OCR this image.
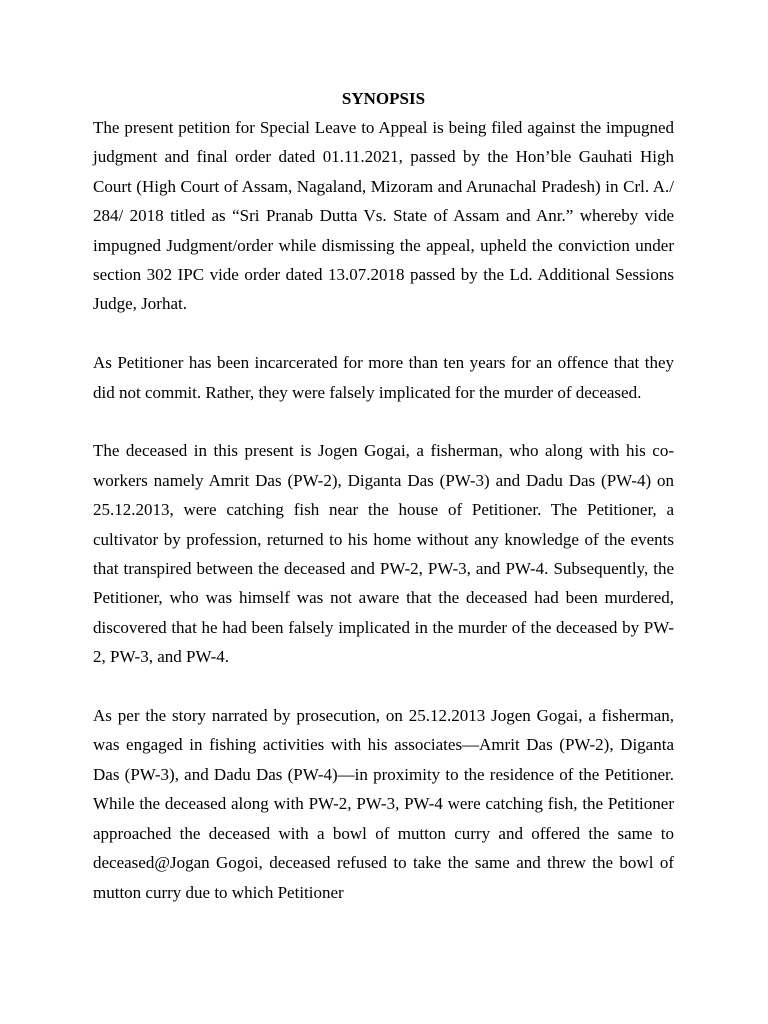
SYNOPSIS

The present petition for Special Leave to Appeal is being filed against the impugned judgment and final order dated 01.11.2021, passed by the Hon’ble Gauhati High Court (High Court of Assam, Nagaland, Mizoram and Arunachal Pradesh) in Crl. A./ 284/ 2018 titled as “Sri Pranab Dutta Vs. State of Assam and Anr.” whereby vide impugned Judgment/order while dismissing the appeal, upheld the conviction under section 302 IPC vide order dated 13.07.2018 passed by the Ld. Additional Sessions Judge, Jorhat.

As Petitioner has been incarcerated for more than ten years for an offence that they did not commit. Rather, they were falsely implicated for the murder of deceased.

The deceased in this present is Jogen Gogai, a fisherman, who along with his co-workers namely Amrit Das (PW-2), Diganta Das (PW-3) and Dadu Das (PW-4) on 25.12.2013, were catching fish near the house of Petitioner. The Petitioner, a cultivator by profession, returned to his home without any knowledge of the events that transpired between the deceased and PW-2, PW-3, and PW-4. Subsequently, the Petitioner, who was himself was not aware that the deceased had been murdered, discovered that he had been falsely implicated in the murder of the deceased by PW-2, PW-3, and PW-4.

As per the story narrated by prosecution, on 25.12.2013 Jogen Gogai, a fisherman, was engaged in fishing activities with his associates—Amrit Das (PW-2), Diganta Das (PW-3), and Dadu Das (PW-4)—in proximity to the residence of the Petitioner. While the deceased along with PW-2, PW-3, PW-4 were catching fish, the Petitioner approached the deceased with a bowl of mutton curry and offered the same to deceased@Jogan Gogoi, deceased refused to take the same and threw the bowl of mutton curry due to which Petitioner
